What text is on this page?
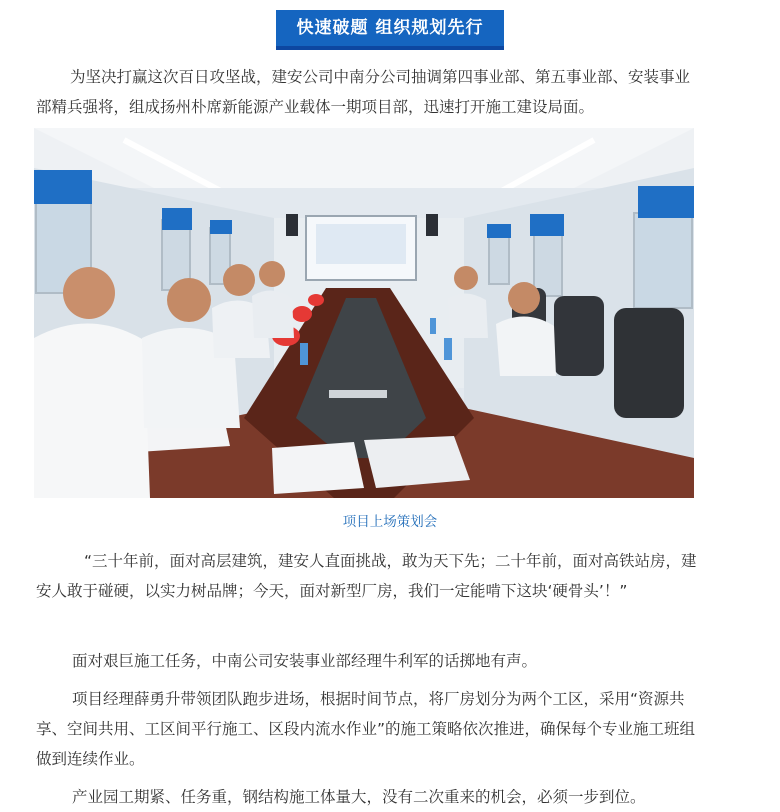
快速破题 组织规划先行

为坚决打赢这次百日攻坚战，建安公司中南分公司抽调第四事业部、第五事业部、安装事业部精兵强将，组成扬州朴席新能源产业载体一期项目部，迅速打开施工建设局面。

项目上场策划会

“三十年前，面对高层建筑，建安人直面挑战，敢为天下先；二十年前，面对高铁站房，建安人敢于碰硬，以实力树品牌；今天，面对新型厂房，我们一定能啃下这块‘硬骨头’！”

面对艰巨施工任务，中南公司安装事业部经理牛利军的话掷地有声。

项目经理薛勇升带领团队跑步进场，根据时间节点，将厂房划分为两个工区，采用“资源共享、空间共用、工区间平行施工、区段内流水作业”的施工策略依次推进，确保每个专业施工班组做到连续作业。

产业园工期紧、任务重，钢结构施工体量大，没有二次重来的机会，必须一步到位。
